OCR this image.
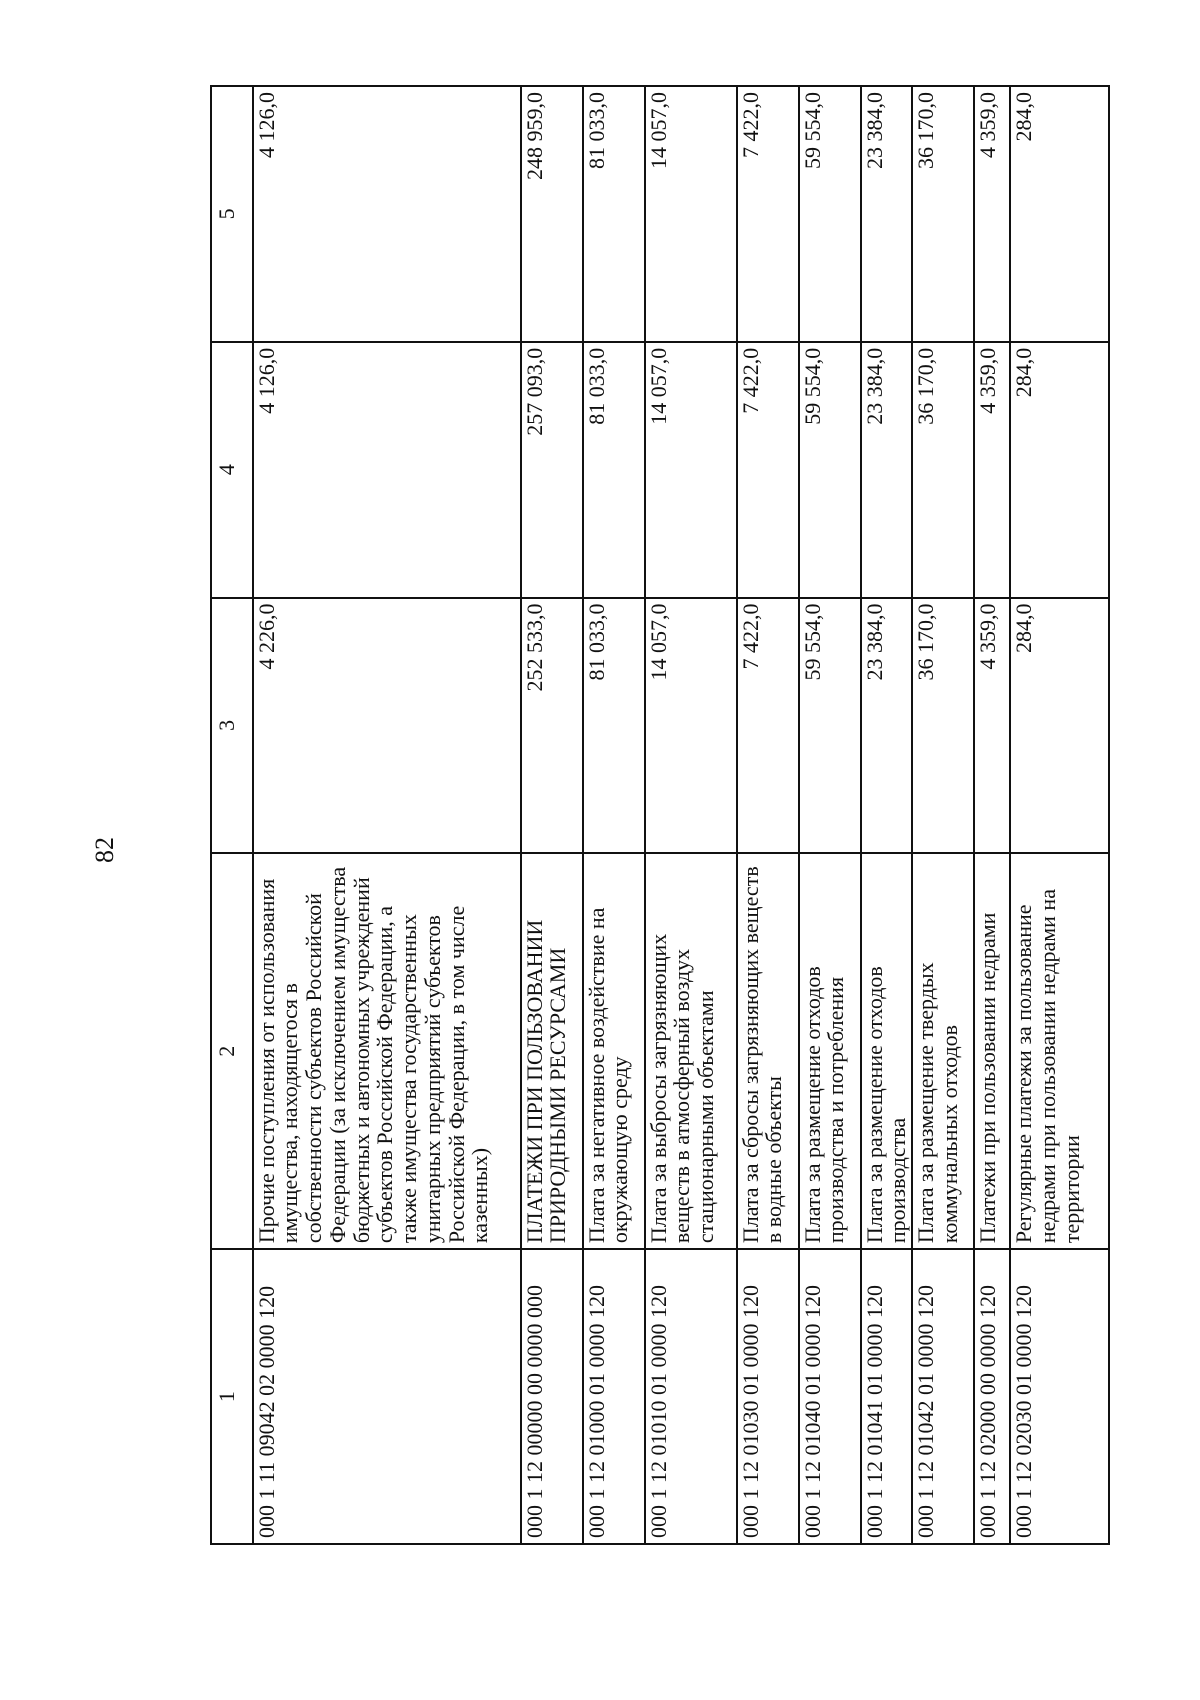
82
1	2	3	4	5
000 1 11 09042 02 0000 120	Прочие поступления от использования имущества, находящегося в собственности субъектов Российской Федерации (за исключением имущества бюджетных и автономных учреждений субъектов Российской Федерации, а также имущества государственных унитарных предприятий субъектов Российской Федерации, в том числе казенных)	4 226,0	4 126,0	4 126,0
000 1 12 00000 00 0000 000	ПЛАТЕЖИ ПРИ ПОЛЬЗОВАНИИ ПРИРОДНЫМИ РЕСУРСАМИ	252 533,0	257 093,0	248 959,0
000 1 12 01000 01 0000 120	Плата за негативное воздействие на окружающую среду	81 033,0	81 033,0	81 033,0
000 1 12 01010 01 0000 120	Плата за выбросы загрязняющих веществ в атмосферный воздух стационарными объектами	14 057,0	14 057,0	14 057,0
000 1 12 01030 01 0000 120	Плата за сбросы загрязняющих веществ в водные объекты	7 422,0	7 422,0	7 422,0
000 1 12 01040 01 0000 120	Плата за размещение отходов производства и потребления	59 554,0	59 554,0	59 554,0
000 1 12 01041 01 0000 120	Плата за размещение отходов производства	23 384,0	23 384,0	23 384,0
000 1 12 01042 01 0000 120	Плата за размещение твердых коммунальных отходов	36 170,0	36 170,0	36 170,0
000 1 12 02000 00 0000 120	Платежи при пользовании недрами	4 359,0	4 359,0	4 359,0
000 1 12 02030 01 0000 120	Регулярные платежи за пользование недрами при пользовании недрами на территории	284,0	284,0	284,0
